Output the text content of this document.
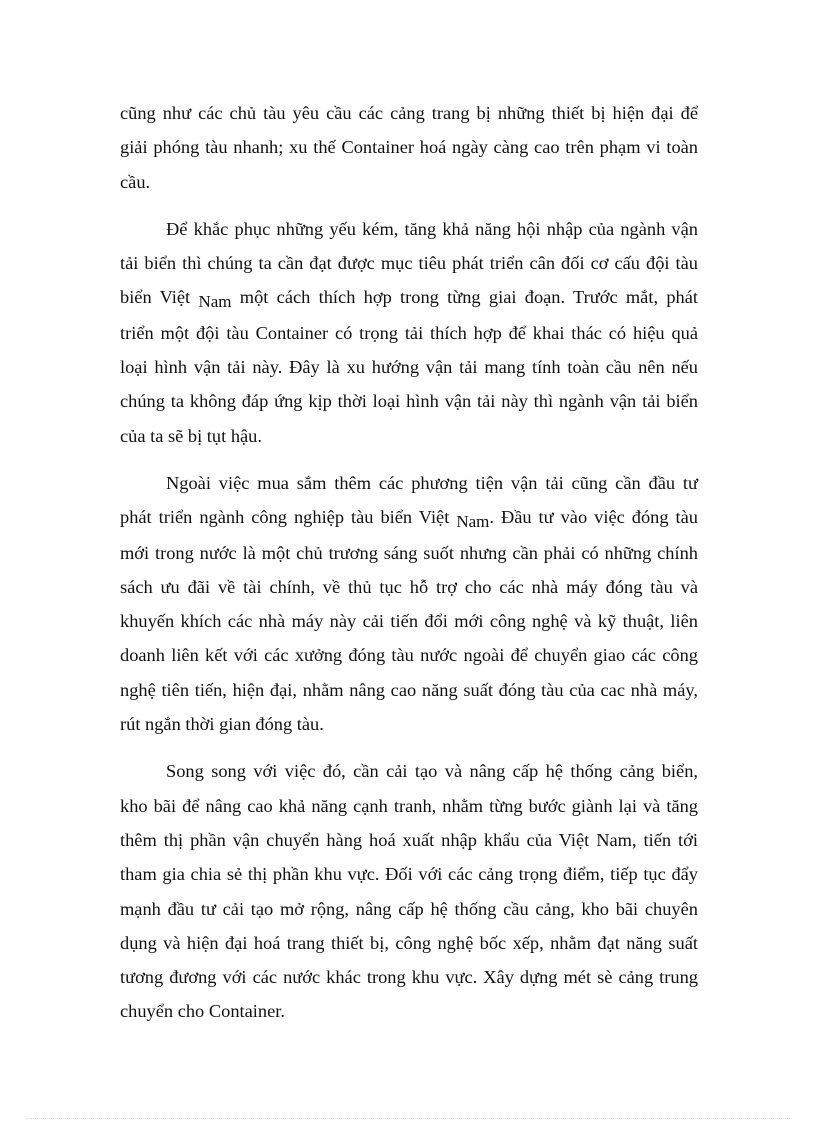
cũng như các chủ tàu yêu cầu các cảng trang bị những thiết bị hiện đại để
giải phóng tàu nhanh; xu thế Container hoá ngày càng cao trên phạm vi toàn
cầu.

Để khắc phục những yếu kém, tăng khả năng hội nhập của ngành vận
tải biển thì chúng ta cần đạt được mục tiêu phát triển cân đối cơ cấu đội tàu
biển Việt Nam một cách thích hợp trong từng giai đoạn. Trước mắt, phát
triển một đội tàu Container có trọng tải thích hợp để khai thác có hiệu quả
loại hình vận tải này. Đây là xu hướng vận tải mang tính toàn cầu nên nếu
chúng ta không đáp ứng kịp thời loại hình vận tải này thì ngành vận tải biển
của ta sẽ bị tụt hậu.

Ngoài việc mua sắm thêm các phương tiện vận tải cũng cần đầu tư
phát triển ngành công nghiệp tàu biển Việt Nam. Đầu tư vào việc đóng tàu
mới trong nước là một chủ trương sáng suốt nhưng cần phải có những chính
sách ưu đãi về tài chính, về thủ tục hỗ trợ cho các nhà máy đóng tàu và
khuyến khích các nhà máy này cải tiến đổi mới công nghệ và kỹ thuật, liên
doanh liên kết với các xưởng đóng tàu nước ngoài để chuyển giao các công
nghệ tiên tiến, hiện đại, nhằm nâng cao năng suất đóng tàu của cac nhà máy,
rút ngắn thời gian đóng tàu.

Song song với việc đó, cần cải tạo và nâng cấp hệ thống cảng biển,
kho bãi để nâng cao khả năng cạnh tranh, nhằm từng bước giành lại và tăng
thêm thị phần vận chuyển hàng hoá xuất nhập khẩu của Việt Nam, tiến tới
tham gia chia sẻ thị phần khu vực. Đối với các cảng trọng điểm, tiếp tục đẩy
mạnh đầu tư cải tạo mở rộng, nâng cấp hệ thống cầu cảng, kho bãi chuyên
dụng và hiện đại hoá trang thiết bị, công nghệ bốc xếp, nhằm đạt năng suất
tương đương với các nước khác trong khu vực. Xây dựng mét sè cảng trung
chuyển cho Container.
